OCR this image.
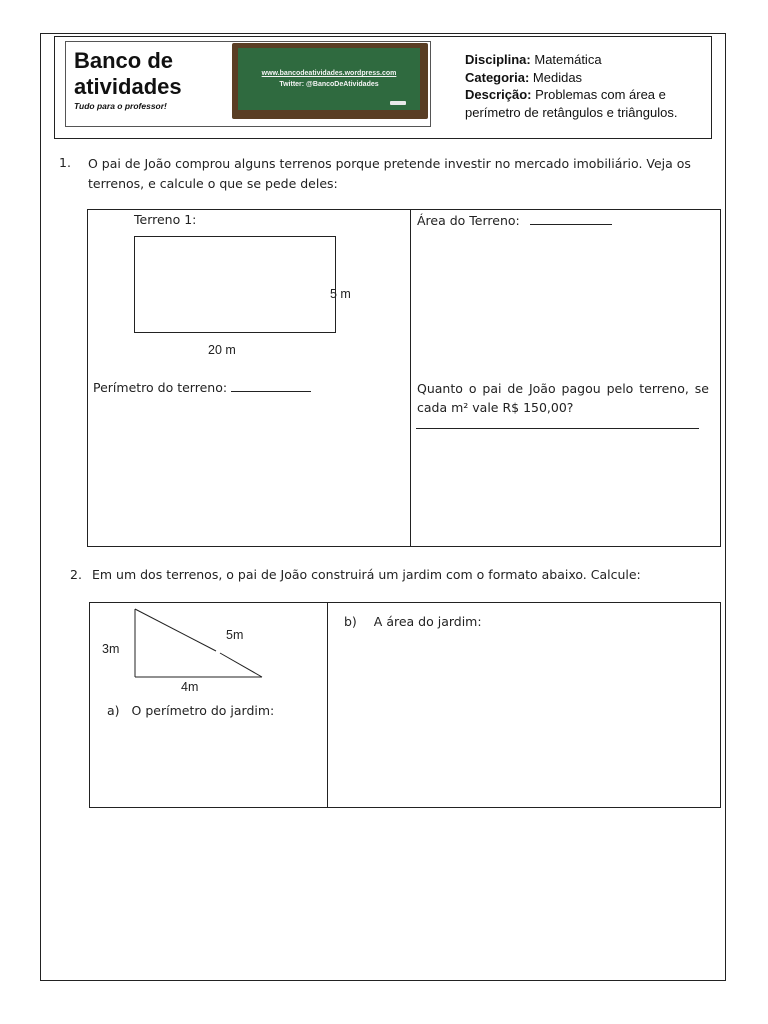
Banco de
atividades
Tudo para o professor!
www.bancodeatividades.wordpress.com
Twitter: @BancoDeAtividades
Disciplina: Matemática
Categoria: Medidas
Descrição: Problemas com área e perímetro de retângulos e triângulos.
1. O pai de João comprou alguns terrenos porque pretende investir no mercado imobiliário. Veja os terrenos, e calcule o que se pede deles:
Terreno 1:
5 m
20 m
Perímetro do terreno:
Área do Terreno:
Quanto o pai de João pagou pelo terreno, se cada m² vale R$ 150,00?
2. Em um dos terrenos, o pai de João construirá um jardim com o formato abaixo. Calcule:
3m
5m
4m
a) O perímetro do jardim:
b) A área do jardim:
